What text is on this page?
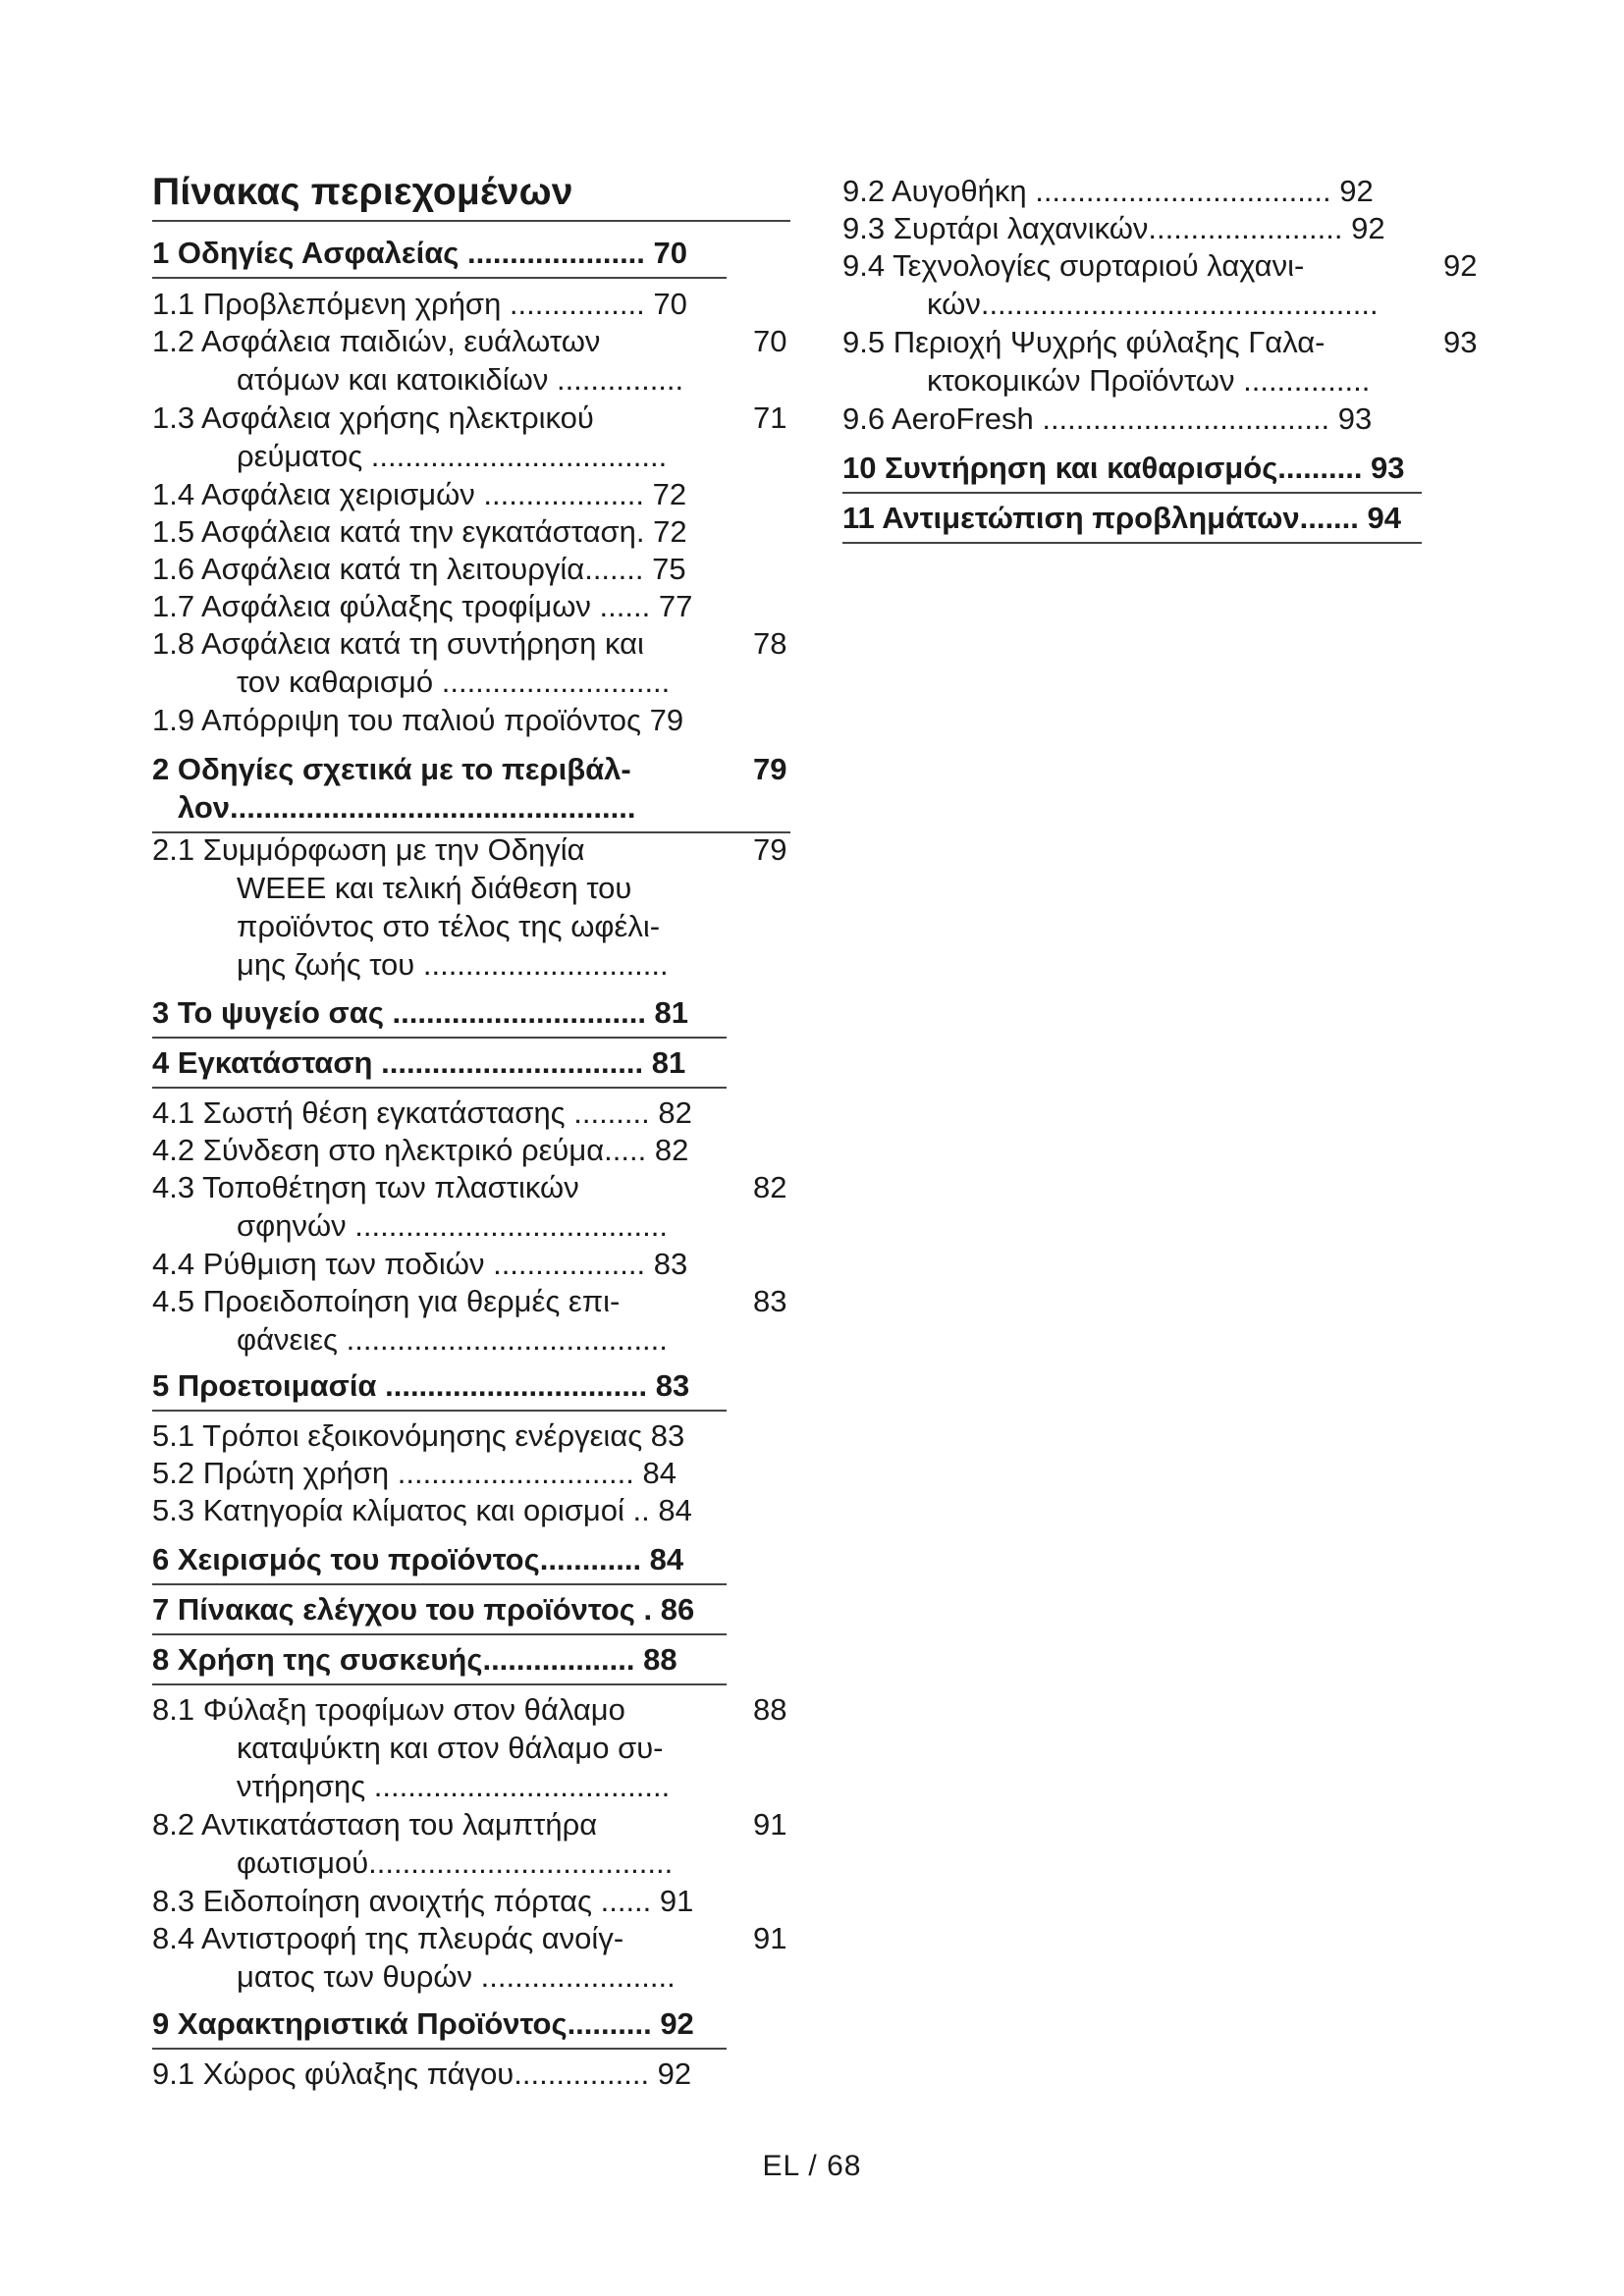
Πίνακας περιεχομένων
1 Οδηγίες Ασφαλείας ..................... 70
1.1 Προβλεπόμενη χρήση ................ 70
1.2 Ασφάλεια παιδιών, ευάλωτων
ατόμων και κατοικιδίων ...............
70
1.3 Ασφάλεια χρήσης ηλεκτρικού
ρεύματος ...................................
71
1.4 Ασφάλεια χειρισμών ................... 72
1.5 Ασφάλεια κατά την εγκατάσταση. 72
1.6 Ασφάλεια κατά τη λειτουργία....... 75
1.7 Ασφάλεια φύλαξης τροφίμων ...... 77
1.8 Ασφάλεια κατά τη συντήρηση και
τον καθαρισμό ...........................
78
1.9 Απόρριψη του παλιού προϊόντος 79
2 Οδηγίες σχετικά με το περιβάλ-
λον................................................
79
2.1 Συμμόρφωση με την Οδηγία
WEEE και τελική διάθεση του
προϊόντος στο τέλος της ωφέλι-
μης ζωής του .............................
79
3 Το ψυγείο σας .............................. 81
4 Εγκατάσταση ............................... 81
4.1 Σωστή θέση εγκατάστασης ......... 82
4.2 Σύνδεση στο ηλεκτρικό ρεύμα..... 82
4.3 Τοποθέτηση των πλαστικών
σφηνών .....................................
82
4.4 Ρύθμιση των ποδιών .................. 83
4.5 Προειδοποίηση για θερμές επι-
φάνειες ......................................
83
5 Προετοιμασία ............................... 83
5.1 Τρόποι εξοικονόμησης ενέργειας 83
5.2 Πρώτη χρήση ............................ 84
5.3 Κατηγορία κλίματος και ορισμοί .. 84
6 Χειρισμός του προϊόντος............ 84
7 Πίνακας ελέγχου του προϊόντος . 86
8 Χρήση της συσκευής.................. 88
8.1 Φύλαξη τροφίμων στον θάλαμο
καταψύκτη και στον θάλαμο συ-
ντήρησης ...................................
88
8.2 Αντικατάσταση του λαμπτήρα
φωτισμού....................................
91
8.3 Ειδοποίηση ανοιχτής πόρτας ...... 91
8.4 Αντιστροφή της πλευράς ανοίγ-
ματος των θυρών .......................
91
9 Χαρακτηριστικά Προϊόντος.......... 92
9.1 Χώρος φύλαξης πάγου................ 92
9.2 Αυγοθήκη ................................... 92
9.3 Συρτάρι λαχανικών....................... 92
9.4 Τεχνολογίες συρταριού λαχανι-
κών...............................................
92
9.5 Περιοχή Ψυχρής φύλαξης Γαλα-
κτοκομικών Προϊόντων ...............
93
9.6 AeroFresh .................................. 93
10 Συντήρηση και καθαρισμός.......... 93
11 Αντιμετώπιση προβλημάτων....... 94
EL / 68
